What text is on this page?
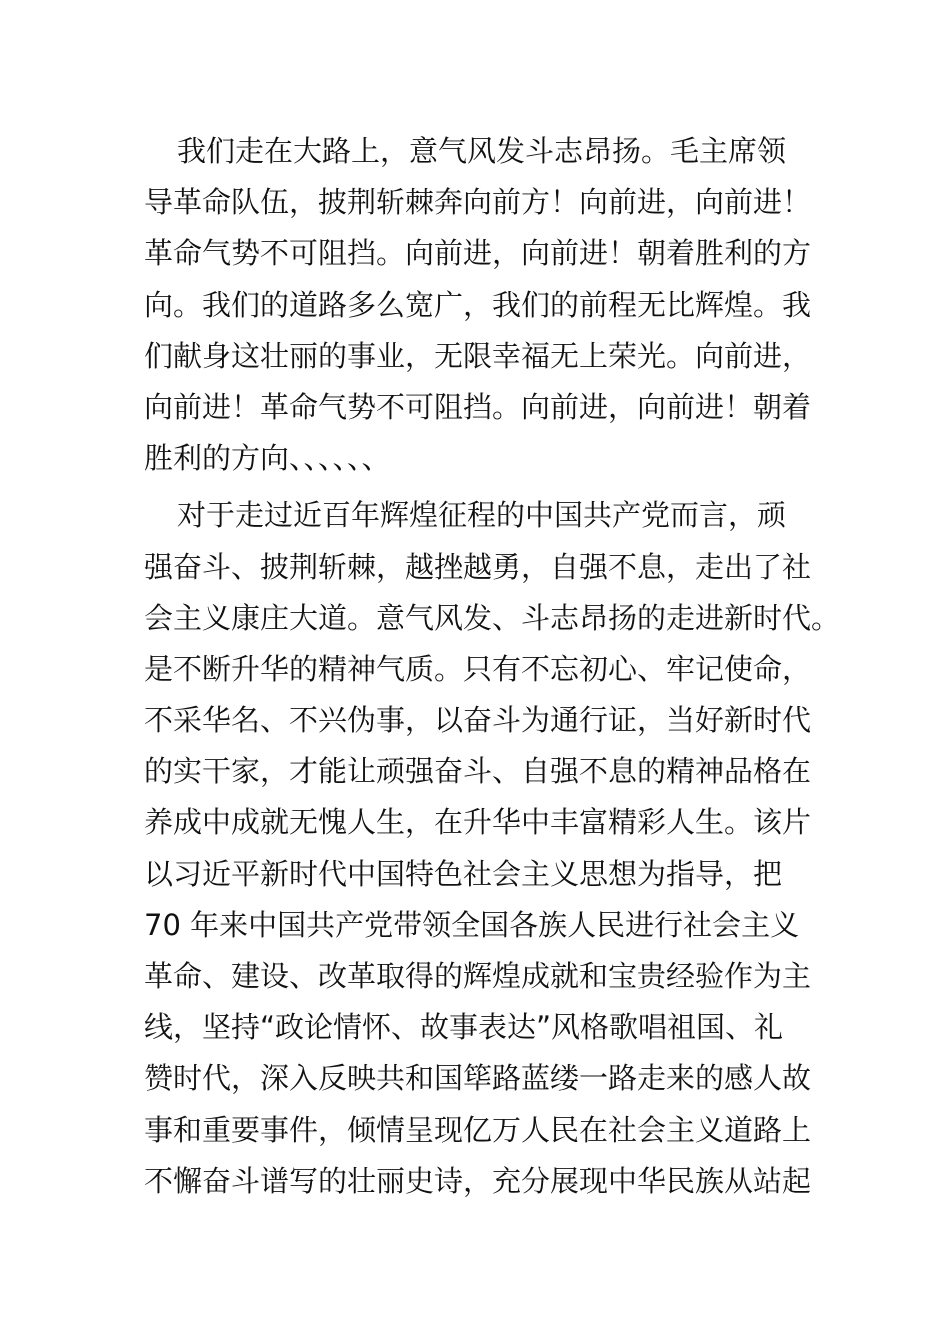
我们走在大路上，意气风发斗志昂扬。毛主席领
导革命队伍，披荆斩棘奔向前方！向前进，向前进！
革命气势不可阻挡。向前进，向前进！朝着胜利的方
向。我们的道路多么宽广，我们的前程无比辉煌。我
们献身这壮丽的事业，无限幸福无上荣光。向前进，
向前进！革命气势不可阻挡。向前进，向前进！朝着
胜利的方向、、、、、、
对于走过近百年辉煌征程的中国共产党而言，顽
强奋斗、披荆斩棘，越挫越勇，自强不息，走出了社
会主义康庄大道。意气风发、斗志昂扬的走进新时代。
是不断升华的精神气质。只有不忘初心、牢记使命，
不采华名、不兴伪事，以奋斗为通行证，当好新时代
的实干家，才能让顽强奋斗、自强不息的精神品格在
养成中成就无愧人生，在升华中丰富精彩人生。该片
以习近平新时代中国特色社会主义思想为指导，把
70 年来中国共产党带领全国各族人民进行社会主义
革命、建设、改革取得的辉煌成就和宝贵经验作为主
线，坚持“政论情怀、故事表达”风格歌唱祖国、礼
赞时代，深入反映共和国筚路蓝缕一路走来的感人故
事和重要事件，倾情呈现亿万人民在社会主义道路上
不懈奋斗谱写的壮丽史诗，充分展现中华民族从站起
